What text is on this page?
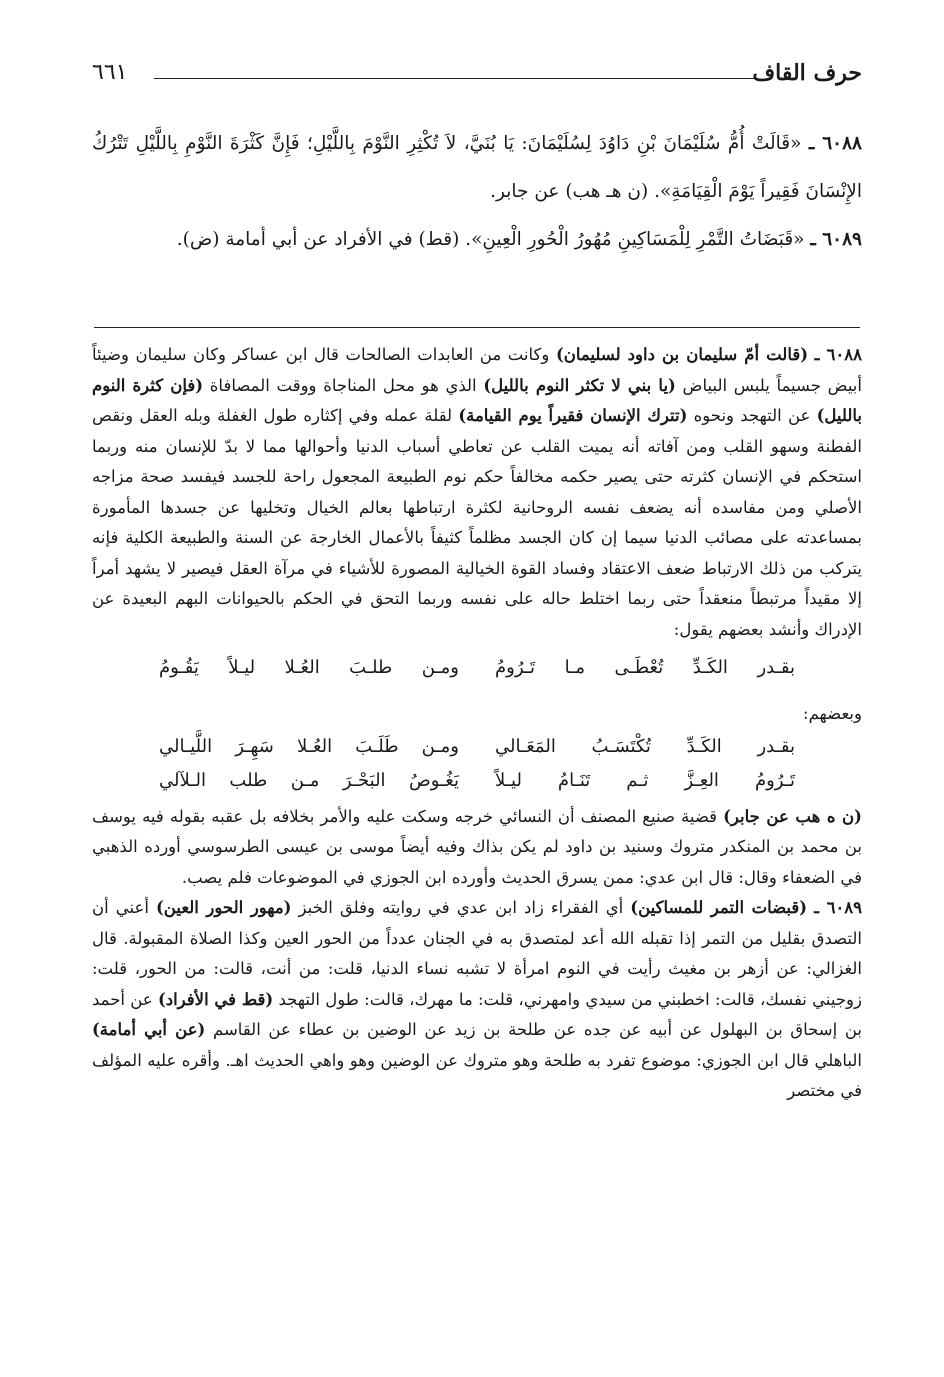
حرف القاف
٦٦١

٦٠٨٨ ـ «قَالَتْ أُمُّ سُلَيْمَانَ بْنِ دَاوُدَ لِسُلَيْمَانَ: يَا بُنَيَّ، لاَ تُكْثِرِ النَّوْمَ بِاللَّيْلِ؛ فَإِنَّ كَثْرَةَ النَّوْمِ بِاللَّيْلِ تَتْرُكُ الإِنْسَانَ فَقِيراً يَوْمَ الْقِيَامَةِ». (ن هـ هب) عن جابر.

٦٠٨٩ ـ «قَبَضَاتُ التَّمْرِ لِلْمَسَاكِينِ مُهُورُ الْحُورِ الْعِينِ». (قط) في الأفراد عن أبي أمامة (ض).

٦٠٨٨ ـ (قالت أمّ سليمان بن داود لسليمان) وكانت من العابدات الصالحات قال ابن عساكر وكان سليمان وضيئاً أبيض جسيماً يلبس البياض (يا بني لا تكثر النوم بالليل) الذي هو محل المناجاة ووقت المصافاة (فإن كثرة النوم بالليل) عن التهجد ونحوه (تترك الإنسان فقيراً يوم القيامة) لقلة عمله وفي إكثاره طول الغفلة وبله العقل ونقص الفطنة وسهو القلب ومن آفاته أنه يميت القلب عن تعاطي أسباب الدنيا وأحوالها مما لا بدّ للإنسان منه وربما استحكم في الإنسان كثرته حتى يصير حكمه مخالفاً حكم نوم الطبيعة المجعول راحة للجسد فيفسد صحة مزاجه الأصلي ومن مفاسده أنه يضعف نفسه الروحانية لكثرة ارتباطها بعالم الخيال وتخليها عن جسدها المأمورة بمساعدته على مصائب الدنيا سيما إن كان الجسد مظلماً كثيفاً بالأعمال الخارجة عن السنة والطبيعة الكلية فإنه يتركب من ذلك الارتباط ضعف الاعتقاد وفساد القوة الخيالية المصورة للأشياء في مرآة العقل فيصير لا يشهد أمراً إلا مقيداً مرتبطاً منعقداً حتى ربما اختلط حاله على نفسه وربما التحق في الحكم بالحيوانات البهم البعيدة عن الإدراك وأنشد بعضهم يقول:

بقـدر الكَـدِّ تُعْطَـى مـا تَـرُومُ
ومـن طلـبَ العُـلا ليـلاً يَقُـومُ
وبعضهم:
بقـدر الكَـدِّ تُكْتَسَـبُ المَعَـالي
ومـن طَلَـبَ العُـلا سَهِـرَ اللَّيـالي
تَـرُومُ العِـزَّ ثـم تَنَـامُ ليـلاً
يَغُـوصُ البَحْـرَ مـن طلب الـلآلي

(ن ه هب عن جابر) قضية صنيع المصنف أن النسائي خرجه وسكت عليه والأمر بخلافه بل عقبه بقوله فيه يوسف بن محمد بن المنكدر متروك وسنيد بن داود لم يكن بذاك وفيه أيضاً موسى بن عيسى الطرسوسي أورده الذهبي في الضعفاء وقال: قال ابن عدي: ممن يسرق الحديث وأورده ابن الجوزي في الموضوعات فلم يصب.

٦٠٨٩ ـ (قبضات التمر للمساكين) أي الفقراء زاد ابن عدي في روايته وفلق الخبز (مهور الحور العين) أعني أن التصدق بقليل من التمر إذا تقبله الله أعد لمتصدق به في الجنان عدداً من الحور العين وكذا الصلاة المقبولة. قال الغزالي: عن أزهر بن مغيث رأيت في النوم امرأة لا تشبه نساء الدنيا، قلت: من أنت، قالت: من الحور، قلت: زوجيني نفسك، قالت: اخطبني من سيدي وامهرني، قلت: ما مهرك، قالت: طول التهجد (قط في الأفراد) عن أحمد بن إسحاق بن البهلول عن أبيه عن جده عن طلحة بن زيد عن الوضين بن عطاء عن القاسم (عن أبي أمامة) الباهلي قال ابن الجوزي: موضوع تفرد به طلحة وهو متروك عن الوضين وهو واهي الحديث اهـ. وأقره عليه المؤلف في مختصر
